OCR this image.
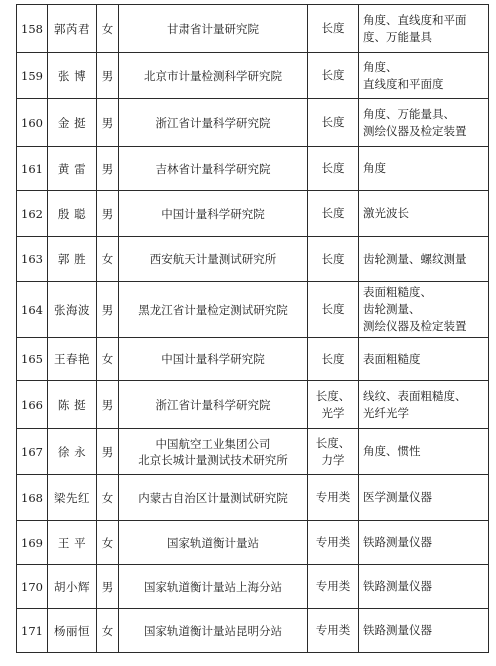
158	郭芮君	女	甘肃省计量研究院	长度	角度、直线度和平面
度、万能量具

159	张 博	男	北京市计量检测科学研究院	长度	角度、
直线度和平面度

160	金 挺	男	浙江省计量科学研究院	长度	角度、万能量具、
测绘仪器及检定装置

161	黄 雷	男	吉林省计量科学研究院	长度	角度

162	殷 聪	男	中国计量科学研究院	长度	激光波长

163	郭 胜	女	西安航天计量测试研究所	长度	齿轮测量、螺纹测量

164	张海波	男	黑龙江省计量检定测试研究院	长度	表面粗糙度、
齿轮测量、
测绘仪器及检定装置

165	王春艳	女	中国计量科学研究院	长度	表面粗糙度

166	陈 挺	男	浙江省计量科学研究院	长度、
光学	线纹、表面粗糙度、
光纤光学

167	徐 永	男	中国航空工业集团公司
北京长城计量测试技术研究所	长度、
力学	角度、惯性

168	梁先红	女	内蒙古自治区计量测试研究院	专用类	医学测量仪器

169	王 平	女	国家轨道衡计量站	专用类	铁路测量仪器

170	胡小辉	男	国家轨道衡计量站上海分站	专用类	铁路测量仪器

171	杨丽恒	女	国家轨道衡计量站昆明分站	专用类	铁路测量仪器
